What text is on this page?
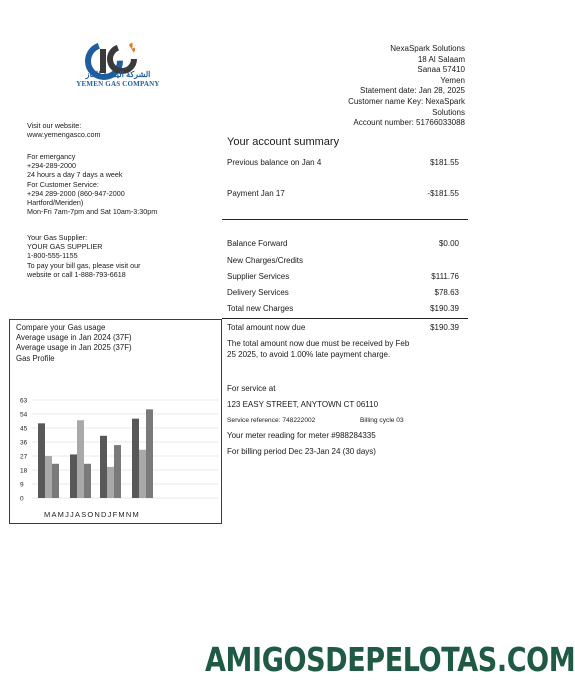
الشركة اليمنية للغاز
YEMEN GAS COMPANY
NexaSpark Solutions
18 Al Salaam
Sanaa 57410
Yemen
Statement date: Jan 28, 2025
Customer name Key: NexaSpark
Solutions
Account number: 51766033088
Visit our website:
www.yemengasco.com
For emergancy
+294-289-2000
24 hours a day 7 days a week
For Customer Service:
+294 289-2000 (860-947-2000
Hartford/Meriden)
Mon-Fri 7am-7pm and Sat 10am-3:30pm
Your Gas Supplier:
YOUR GAS SUPPLIER
1-800-555-1155
To pay your bill gas, please visit our
website or call 1-888-793-6618
Your account summary
Previous balance on Jan 4	$181.55
Payment Jan 17	-$181.55
Balance Forward	$0.00
New Charges/Credits
Supplier Services	$111.76
Delivery Services	$78.63
Total new Charges	$190.39
Total amount now due	$190.39
The total amount now due must be received by Feb
25 2025, to avoid 1.00% late payment charge.
For service at
123 EASY STREET, ANYTOWN CT 06110
Service reference: 748222002	Billing cycle 03
Your meter reading for meter #988284335
For billing period Dec 23-Jan 24 (30 days)
Compare your Gas usage
Average usage in Jan 2024 (37F)
Average usage in Jan 2025 (37F)
Gas Profile
0
9
18
27
36
45
54
63
MAMJJASONDJFMNM
AMIGOSDEPELOTAS.COM
